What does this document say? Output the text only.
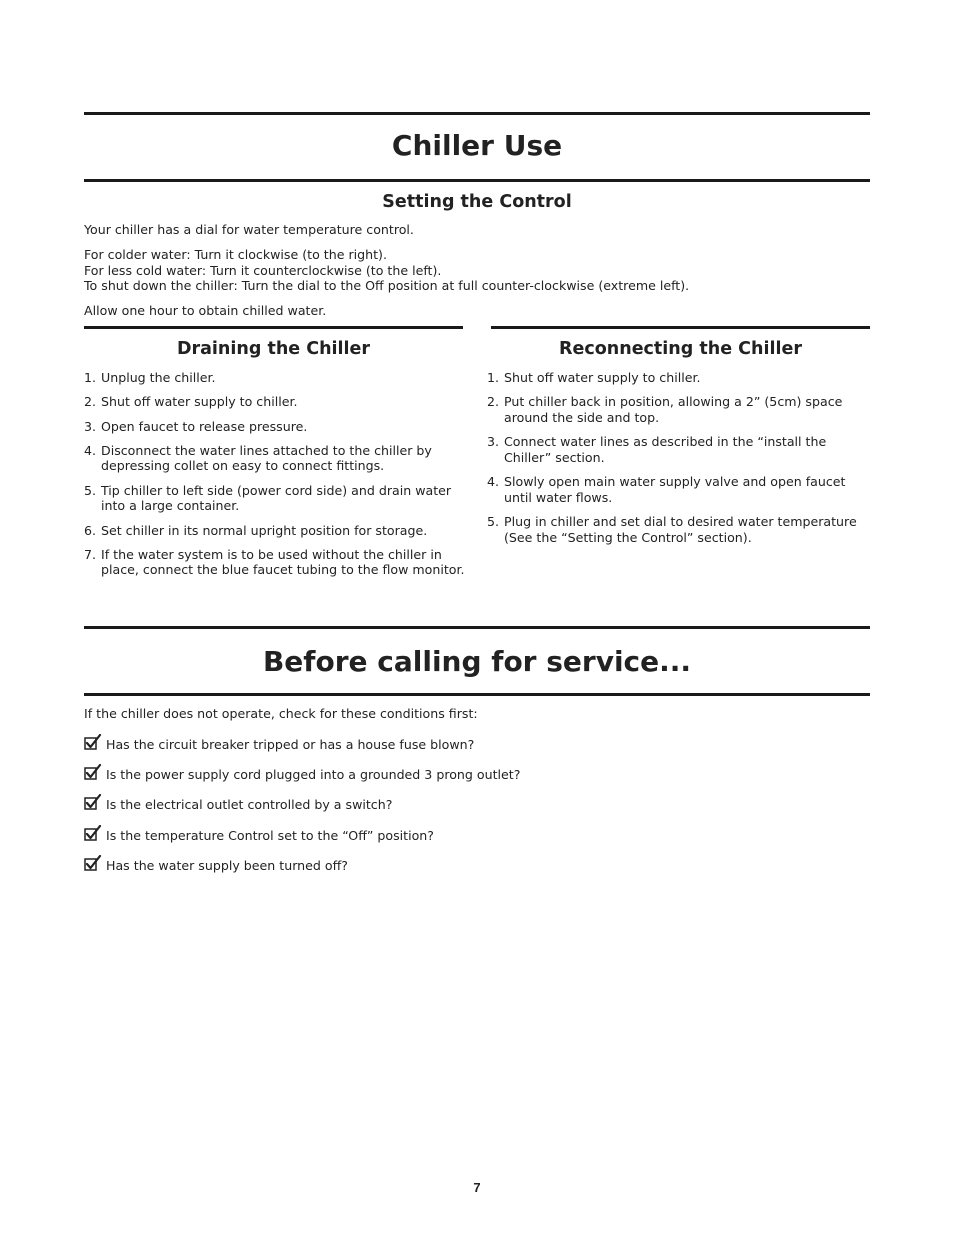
Chiller Use
Setting the Control

Your chiller has a dial for water temperature control.

For colder water: Turn it clockwise (to the right).

For less cold water: Turn it counterclockwise (to the left).

To shut down the chiller: Turn the dial to the Off position at full counter-clockwise (extreme left).

Allow one hour to obtain chilled water.

Draining the Chiller
1. Unplug the chiller.
2. Shut off water supply to chiller.
3. Open faucet to release pressure.
4. Disconnect the water lines attached to the chiller by depressing collet on easy to connect fittings.
5. Tip chiller to left side (power cord side) and drain water into a large container.
6. Set chiller in its normal upright position for storage.
7. If the water system is to be used without the chiller in place, connect the blue faucet tubing to the flow monitor.
Reconnecting the Chiller
1. Shut off water supply to chiller.
2. Put chiller back in position, allowing a 2” (5cm) space around the side and top.
3. Connect water lines as described in the “install the Chiller” section.
4. Slowly open main water supply valve and open faucet until water flows.
5. Plug in chiller and set dial to desired water temperature (See the “Setting the Control” section).
Before calling for service...

If the chiller does not operate, check for these conditions first:

Has the circuit breaker tripped or has a house fuse blown?
Is the power supply cord plugged into a grounded 3 prong outlet?
Is the electrical outlet controlled by a switch?
Is the temperature Control set to the “Off” position?
Has the water supply been turned off?
7
